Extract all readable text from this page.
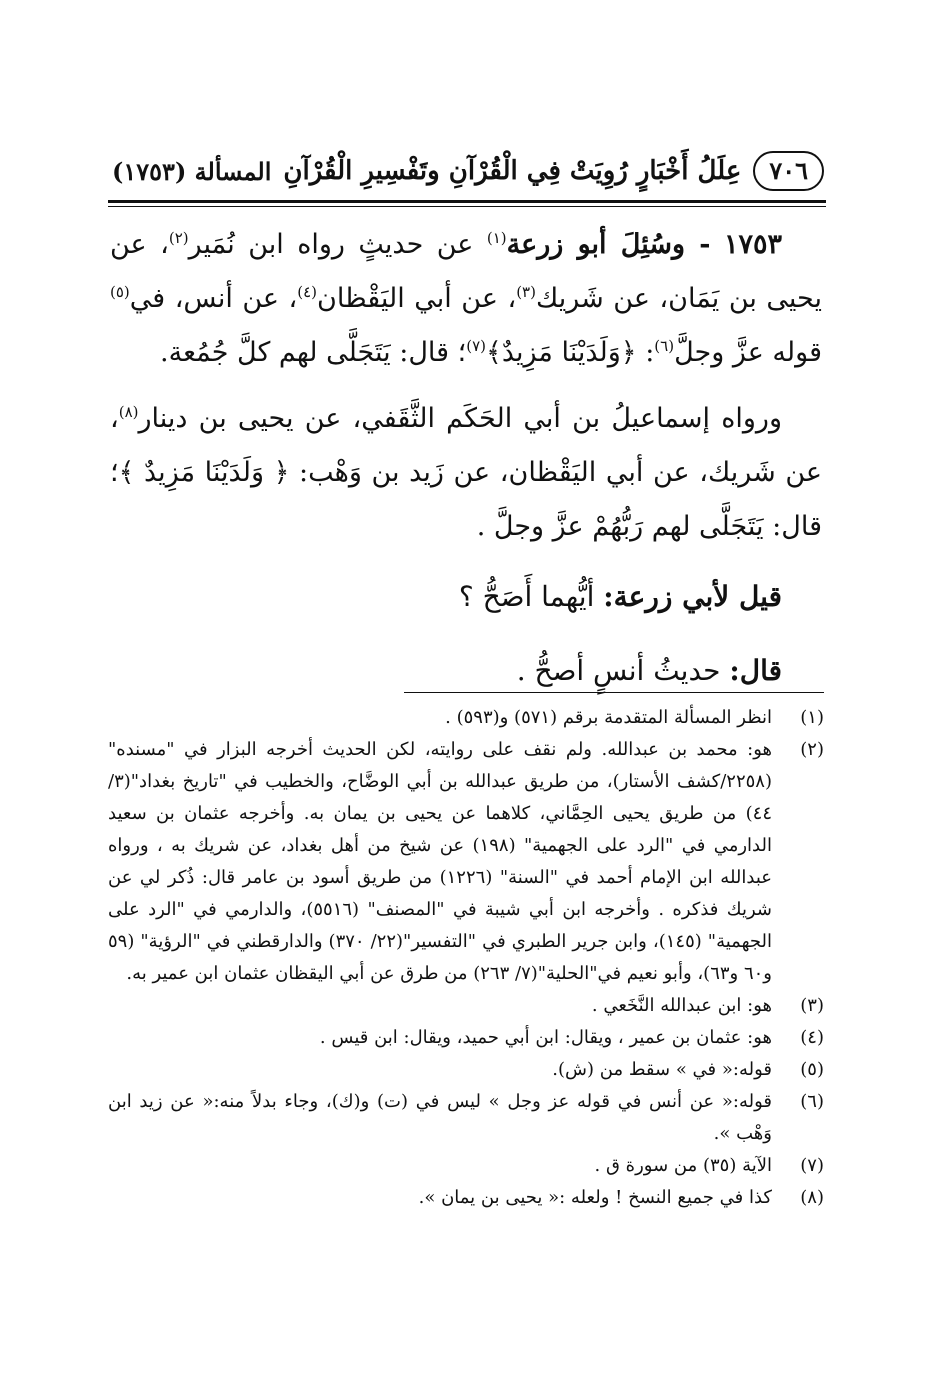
٧٠٦
عِلَلُ أَخْبَارٍ رُوِيَتْ فِي الْقُرْآنِ وتَفْسِيرِ الْقُرْآنِ
المسألة (١٧٥٣)

١٧٥٣ - وسُئِلَ أبو زرعة$^{(١)}$ عن حديثٍ رواه ابن نُمَير$^{(٢)}$، عن يحيى بن يَمَان، عن شَريك$^{(٣)}$، عن أبي اليَقْظان$^{(٤)}$، عن أنس، في$^{(٥)}$ قوله عزَّ وجلَّ$^{(٦)}$: ﴿وَلَدَيْنَا مَزِيدٌ﴾$^{(٧)}$؛ قال: يَتَجَلَّى لهم كلَّ جُمُعة.

ورواه إسماعيلُ بن أبي الحَكَم الثَّقَفي، عن يحيى بن دينار$^{(٨)}$، عن شَريك، عن أبي اليَقْظان، عن زَيد بن وَهْب: ﴿ وَلَدَيْنَا مَزِيدٌ ﴾؛ قال: يَتَجَلَّى لهم رَبُّهُمْ عزَّ وجلَّ .

قيل لأبي زرعة: أيُّهما أَصَحُّ ؟

قال: حديثُ أنسٍ أصحُّ .

(١)
انظر المسألة المتقدمة برقم (٥٧١) و(٥٩٣) .
(٢)
هو: محمد بن عبدالله. ولم نقف على روايته، لكن الحديث أخرجه البزار في "مسنده" (٢٢٥٨/كشف الأستار)، من طريق عبدالله بن أبي الوضَّاح، والخطيب في "تاريخ بغداد"(٣/ ٤٤) من طريق يحيى الحِمَّاني، كلاهما عن يحيى بن يمان به. وأخرجه عثمان بن سعيد الدارمي في "الرد على الجهمية" (١٩٨) عن شيخ من أهل بغداد، عن شريك به ، ورواه عبدالله ابن الإمام أحمد في "السنة" (١٢٢٦) من طريق أسود بن عامر قال: ذُكر لي عن شريك فذكره . وأخرجه ابن أبي شيبة في "المصنف" (٥٥١٦)، والدارمي في "الرد على الجهمية" (١٤٥)، وابن جرير الطبري في "التفسير"(٢٢/ ٣٧٠) والدارقطني في "الرؤية" (٥٩ و٦٠ و٦٣)، وأبو نعيم في"الحلية"(٧/ ٢٦٣) من طرق عن أبي اليقظان عثمان ابن عمير به.
(٣)
هو: ابن عبدالله النَّخَعي .
(٤)
هو: عثمان بن عمير ، ويقال: ابن أبي حميد، ويقال: ابن قيس .
(٥)
قوله:« في » سقط من (ش).
(٦)
قوله:« عن أنس في قوله عز وجل » ليس في (ت) و(ك)، وجاء بدلاً منه:« عن زيد ابن وَهْب ».
(٧)
الآية (٣٥) من سورة ق .
(٨)
كذا في جميع النسخ ! ولعله :« يحيى بن يمان ».
